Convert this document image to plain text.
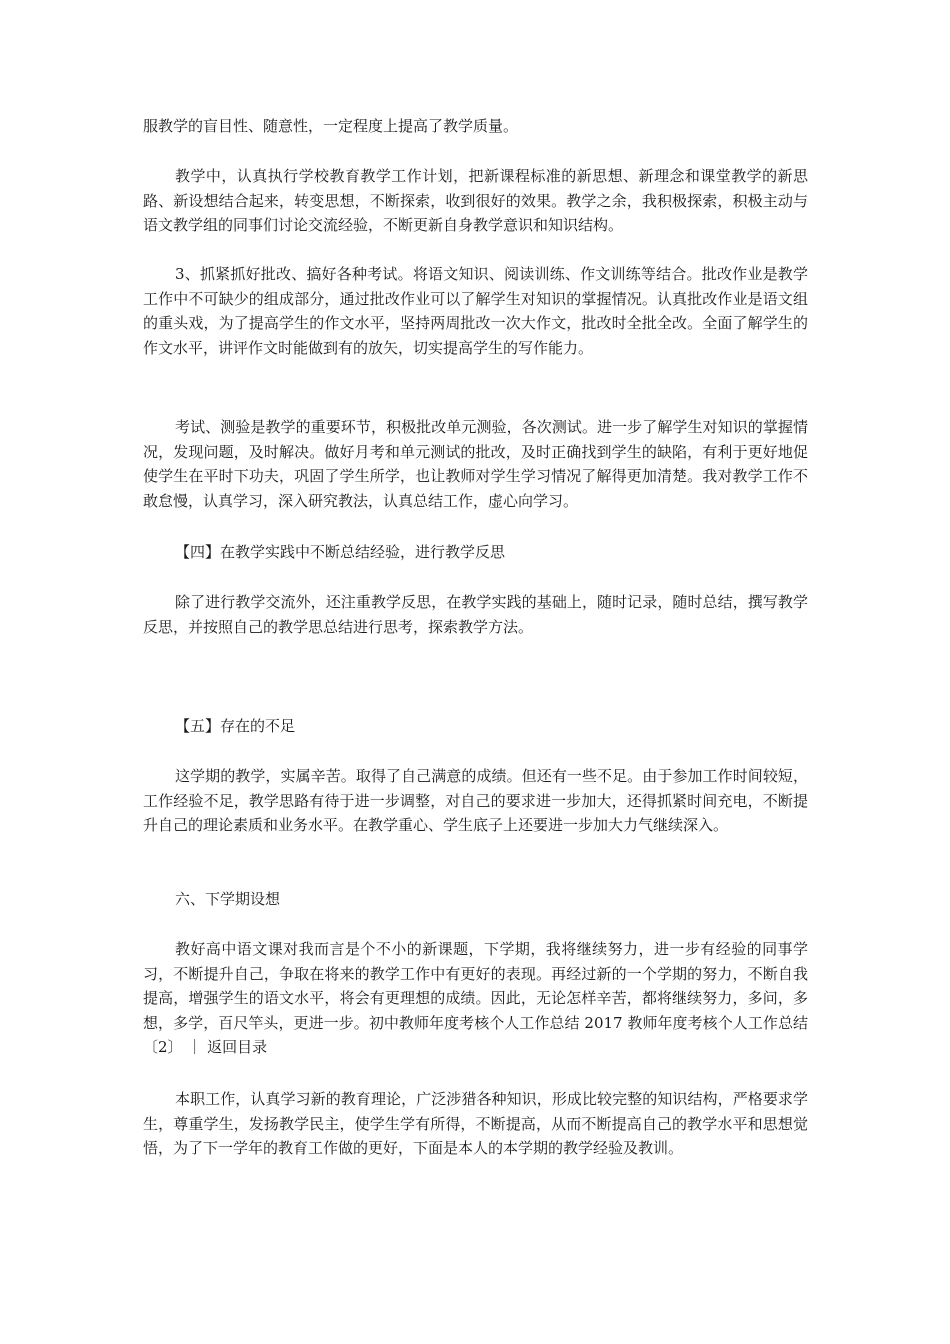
服教学的盲目性、随意性，一定程度上提高了教学质量。

教学中，认真执行学校教育教学工作计划，把新课程标准的新思想、新理念和课堂教学的新思路、新设想结合起来，转变思想，不断探索，收到很好的效果。教学之余，我积极探索，积极主动与语文教学组的同事们讨论交流经验，不断更新自身教学意识和知识结构。

3、抓紧抓好批改、搞好各种考试。将语文知识、阅读训练、作文训练等结合。批改作业是教学工作中不可缺少的组成部分，通过批改作业可以了解学生对知识的掌握情况。认真批改作业是语文组的重头戏，为了提高学生的作文水平，坚持两周批改一次大作文，批改时全批全改。全面了解学生的作文水平，讲评作文时能做到有的放矢，切实提高学生的写作能力。

考试、测验是教学的重要环节，积极批改单元测验，各次测试。进一步了解学生对知识的掌握情况，发现问题，及时解决。做好月考和单元测试的批改，及时正确找到学生的缺陷，有利于更好地促使学生在平时下功夫，巩固了学生所学，也让教师对学生学习情况了解得更加清楚。我对教学工作不敢怠慢，认真学习，深入研究教法，认真总结工作，虚心向学习。

【四】在教学实践中不断总结经验，进行教学反思

除了进行教学交流外，还注重教学反思，在教学实践的基础上，随时记录，随时总结，撰写教学反思，并按照自己的教学思总结进行思考，探索教学方法。

【五】存在的不足

这学期的教学，实属辛苦。取得了自己满意的成绩。但还有一些不足。由于参加工作时间较短，工作经验不足，教学思路有待于进一步调整，对自己的要求进一步加大，还得抓紧时间充电，不断提升自己的理论素质和业务水平。在教学重心、学生底子上还要进一步加大力气继续深入。

六、下学期设想

教好高中语文课对我而言是个不小的新课题，下学期，我将继续努力，进一步有经验的同事学习，不断提升自己，争取在将来的教学工作中有更好的表现。再经过新的一个学期的努力，不断自我提高，增强学生的语文水平，将会有更理想的成绩。因此，无论怎样辛苦，都将继续努力，多问，多想，多学，百尺竿头，更进一步。初中教师年度考核个人工作总结 2017 教师年度考核个人工作总结〔2〕 ｜ 返回目录

本职工作，认真学习新的教育理论，广泛涉猎各种知识，形成比较完整的知识结构，严格要求学生，尊重学生，发扬教学民主，使学生学有所得，不断提高，从而不断提高自己的教学水平和思想觉悟，为了下一学年的教育工作做的更好，下面是本人的本学期的教学经验及教训。
